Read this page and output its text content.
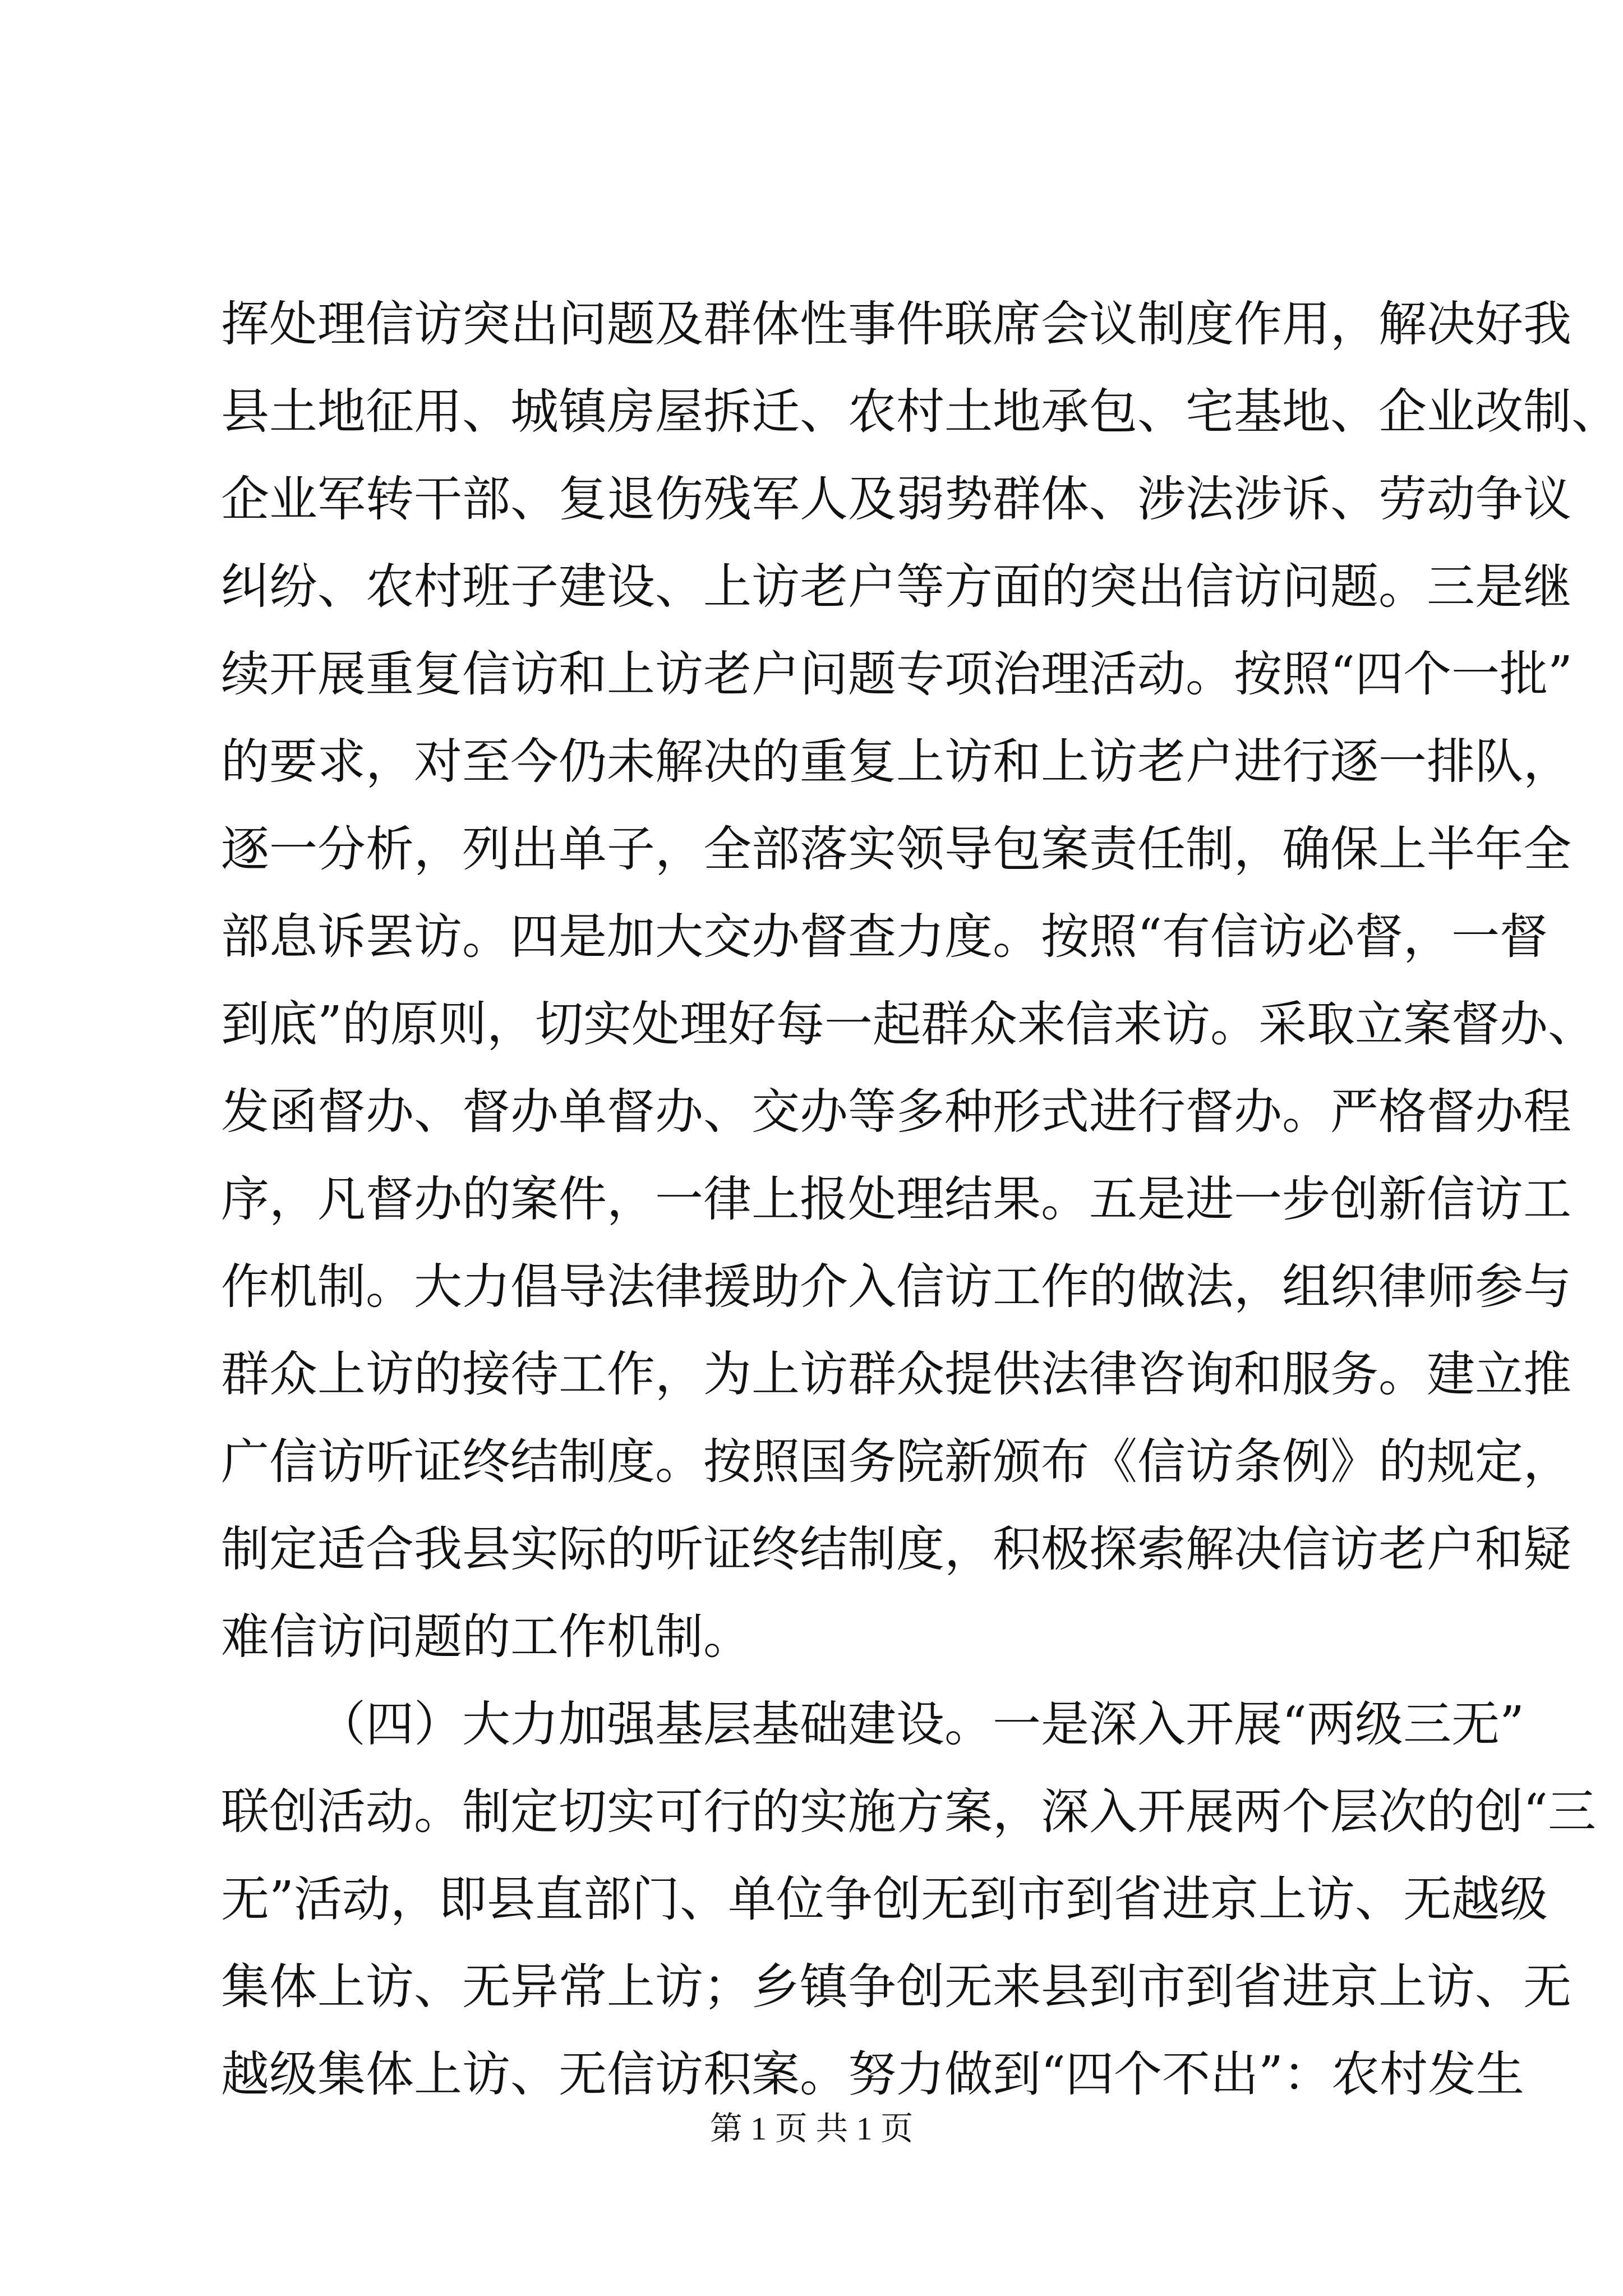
挥处理信访突出问题及群体性事件联席会议制度作用，解决好我
县土地征用、城镇房屋拆迁、农村土地承包、宅基地、企业改制、
企业军转干部、复退伤残军人及弱势群体、涉法涉诉、劳动争议
纠纷、农村班子建设、上访老户等方面的突出信访问题。三是继
续开展重复信访和上访老户问题专项治理活动。按照“四个一批”
的要求，对至今仍未解决的重复上访和上访老户进行逐一排队，
逐一分析，列出单子，全部落实领导包案责任制，确保上半年全
部息诉罢访。四是加大交办督查力度。按照“有信访必督，一督
到底”的原则，切实处理好每一起群众来信来访。采取立案督办、
发函督办、督办单督办、交办等多种形式进行督办。严格督办程
序，凡督办的案件，一律上报处理结果。五是进一步创新信访工
作机制。大力倡导法律援助介入信访工作的做法，组织律师参与
群众上访的接待工作，为上访群众提供法律咨询和服务。建立推
广信访听证终结制度。按照国务院新颁布《信访条例》的规定，
制定适合我县实际的听证终结制度，积极探索解决信访老户和疑
难信访问题的工作机制。
（四）大力加强基层基础建设。一是深入开展“两级三无”
联创活动。制定切实可行的实施方案，深入开展两个层次的创“三
无”活动，即县直部门、单位争创无到市到省进京上访、无越级
集体上访、无异常上访；乡镇争创无来县到市到省进京上访、无
越级集体上访、无信访积案。努力做到“四个不出”：农村发生
第 1 页 共 1 页
